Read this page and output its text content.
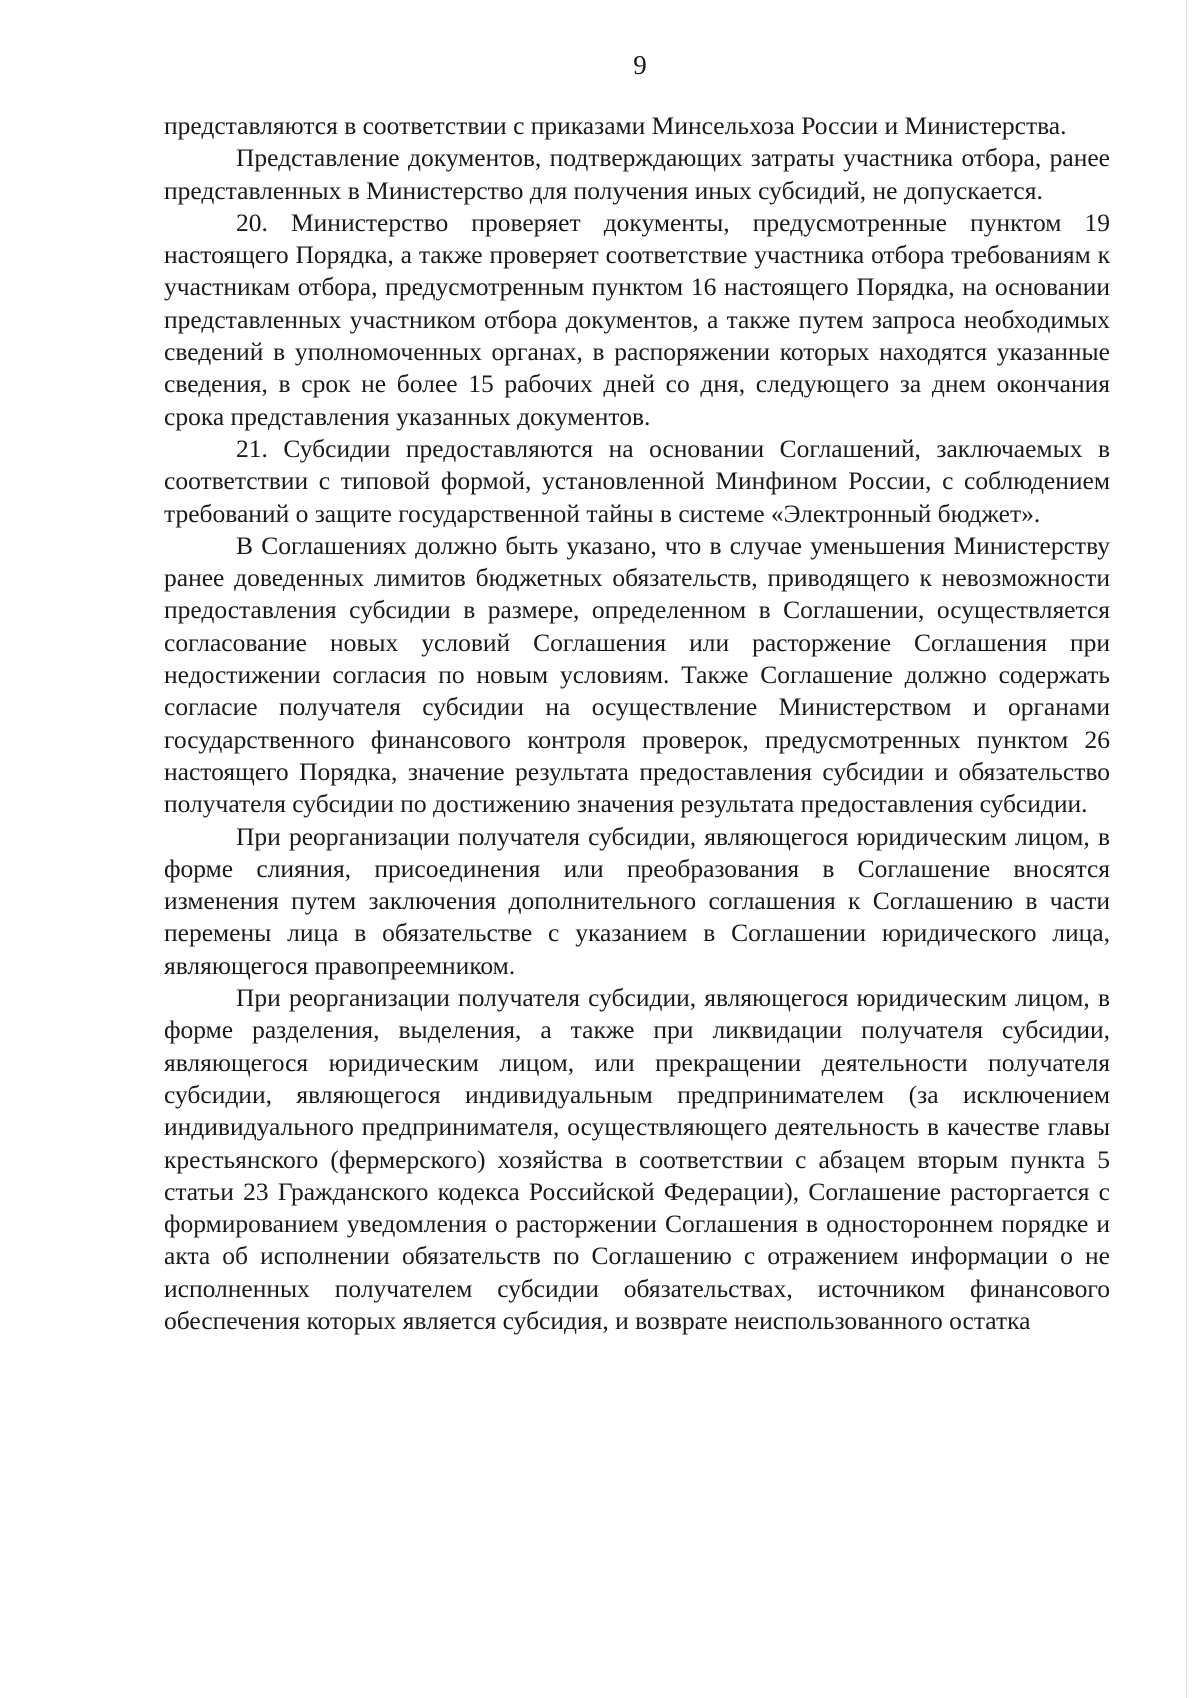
9

представляются в соответствии с приказами Минсельхоза России и Министерства.

Представление документов, подтверждающих затраты участника отбора, ранее представленных в Министерство для получения иных субсидий, не допускается.

20. Министерство проверяет документы, предусмотренные пунктом 19 настоящего Порядка, а также проверяет соответствие участника отбора требованиям к участникам отбора, предусмотренным пунктом 16 настоящего Порядка, на основании представленных участником отбора документов, а также путем запроса необходимых сведений в уполномоченных органах, в распоряжении которых находятся указанные сведения, в срок не более 15 рабочих дней со дня, следующего за днем окончания срока представления указанных документов.

21. Субсидии предоставляются на основании Соглашений, заключаемых в соответствии с типовой формой, установленной Минфином России, с соблюдением требований о защите государственной тайны в системе «Электронный бюджет».

В Соглашениях должно быть указано, что в случае уменьшения Министерству ранее доведенных лимитов бюджетных обязательств, приводящего к невозможности предоставления субсидии в размере, определенном в Соглашении, осуществляется согласование новых условий Соглашения или расторжение Соглашения при недостижении согласия по новым условиям. Также Соглашение должно содержать согласие получателя субсидии на осуществление Министерством и органами государственного финансового контроля проверок, предусмотренных пунктом 26 настоящего Порядка, значение результата предоставления субсидии и обязательство получателя субсидии по достижению значения результата предоставления субсидии.

При реорганизации получателя субсидии, являющегося юридическим лицом, в форме слияния, присоединения или преобразования в Соглашение вносятся изменения путем заключения дополнительного соглашения к Соглашению в части перемены лица в обязательстве с указанием в Соглашении юридического лица, являющегося правопреемником.

При реорганизации получателя субсидии, являющегося юридическим лицом, в форме разделения, выделения, а также при ликвидации получателя субсидии, являющегося юридическим лицом, или прекращении деятельности получателя субсидии, являющегося индивидуальным предпринимателем (за исключением индивидуального предпринимателя, осуществляющего деятельность в качестве главы крестьянского (фермерского) хозяйства в соответствии с абзацем вторым пункта 5 статьи 23 Гражданского кодекса Российской Федерации), Соглашение расторгается с формированием уведомления о расторжении Соглашения в одностороннем порядке и акта об исполнении обязательств по Соглашению с отражением информации о не исполненных получателем субсидии обязательствах, источником финансового обеспечения которых является субсидия, и возврате неиспользованного остатка
